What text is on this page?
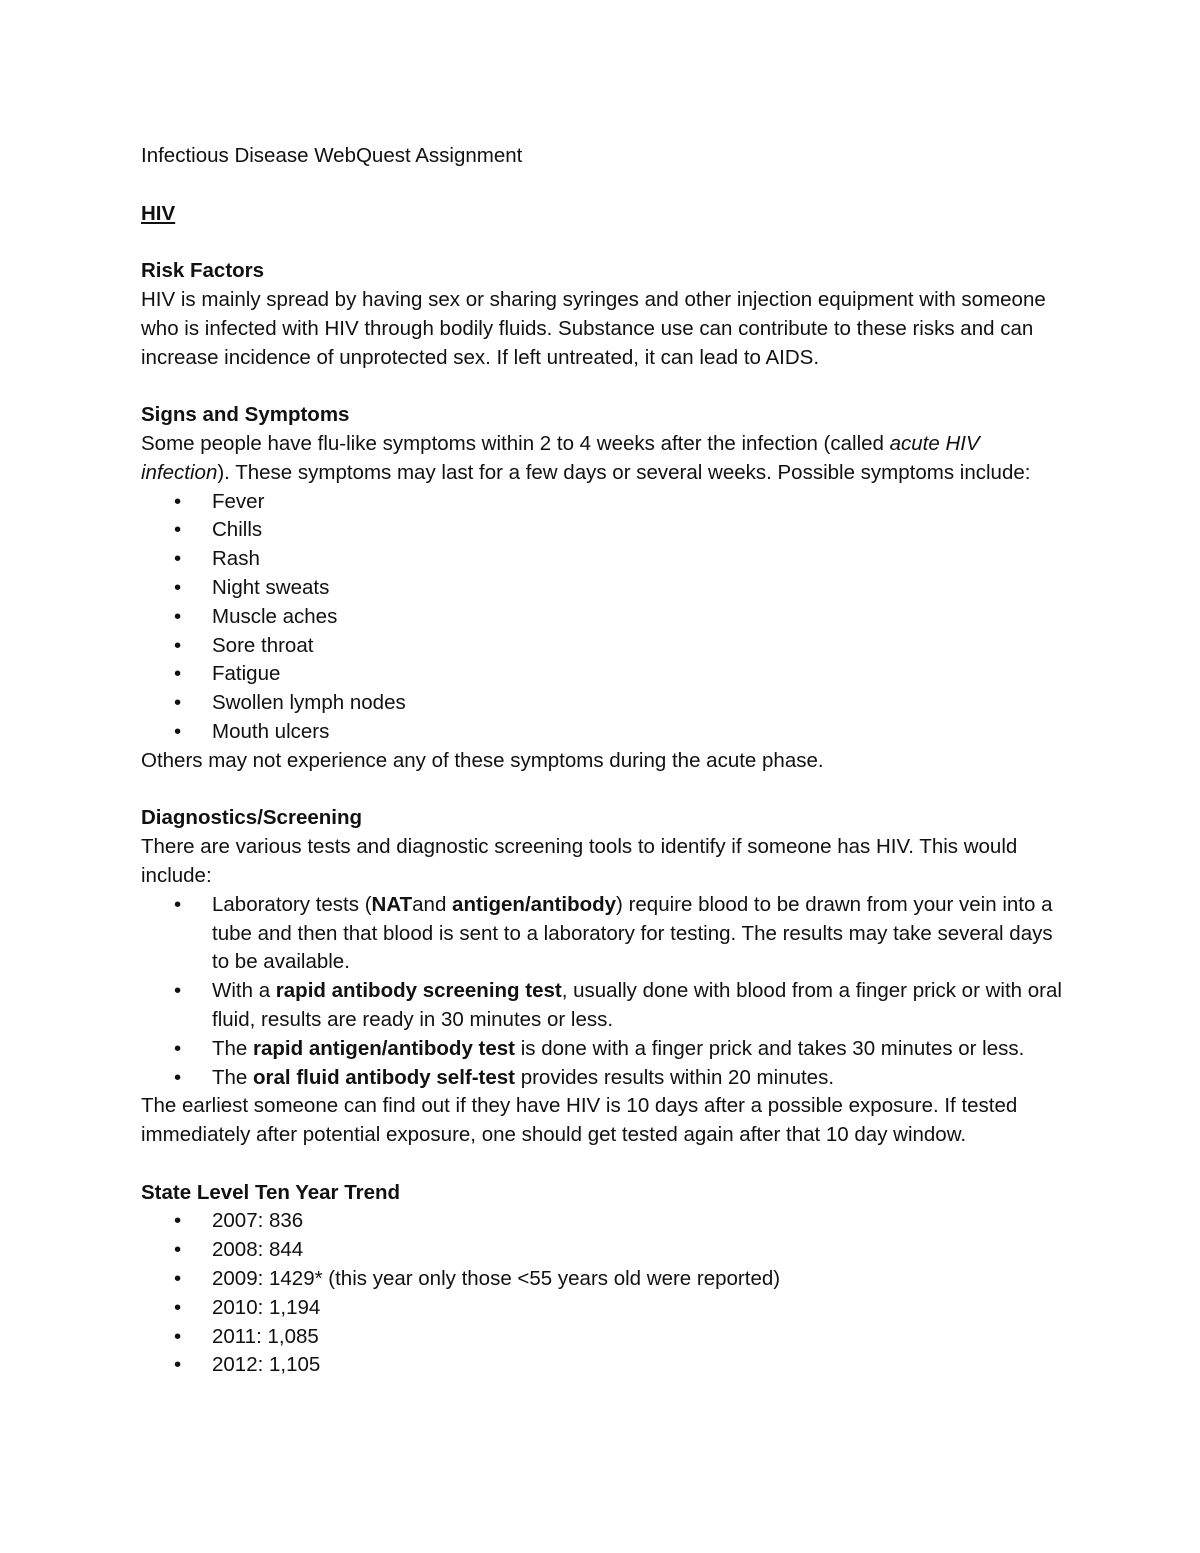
Infectious Disease WebQuest Assignment

HIV

Risk Factors

HIV is mainly spread by having sex or sharing syringes and other injection equipment with someone who is infected with HIV through bodily fluids. Substance use can contribute to these risks and can increase incidence of unprotected sex. If left untreated, it can lead to AIDS.

Signs and Symptoms

Some people have flu-like symptoms within 2 to 4 weeks after the infection (called acute HIV infection). These symptoms may last for a few days or several weeks. Possible symptoms include:

• Fever
• Chills
• Rash
• Night sweats
• Muscle aches
• Sore throat
• Fatigue
• Swollen lymph nodes
• Mouth ulcers

Others may not experience any of these symptoms during the acute phase.

Diagnostics/Screening

There are various tests and diagnostic screening tools to identify if someone has HIV. This would include:

• Laboratory tests (NATand antigen/antibody) require blood to be drawn from your vein into a tube and then that blood is sent to a laboratory for testing. The results may take several days to be available.
• With a rapid antibody screening test, usually done with blood from a finger prick or with oral fluid, results are ready in 30 minutes or less.
• The rapid antigen/antibody test is done with a finger prick and takes 30 minutes or less.
• The oral fluid antibody self-test provides results within 20 minutes.

The earliest someone can find out if they have HIV is 10 days after a possible exposure. If tested immediately after potential exposure, one should get tested again after that 10 day window.

State Level Ten Year Trend

• 2007: 836
• 2008: 844
• 2009: 1429* (this year only those <55 years old were reported)
• 2010: 1,194
• 2011: 1,085
• 2012: 1,105
